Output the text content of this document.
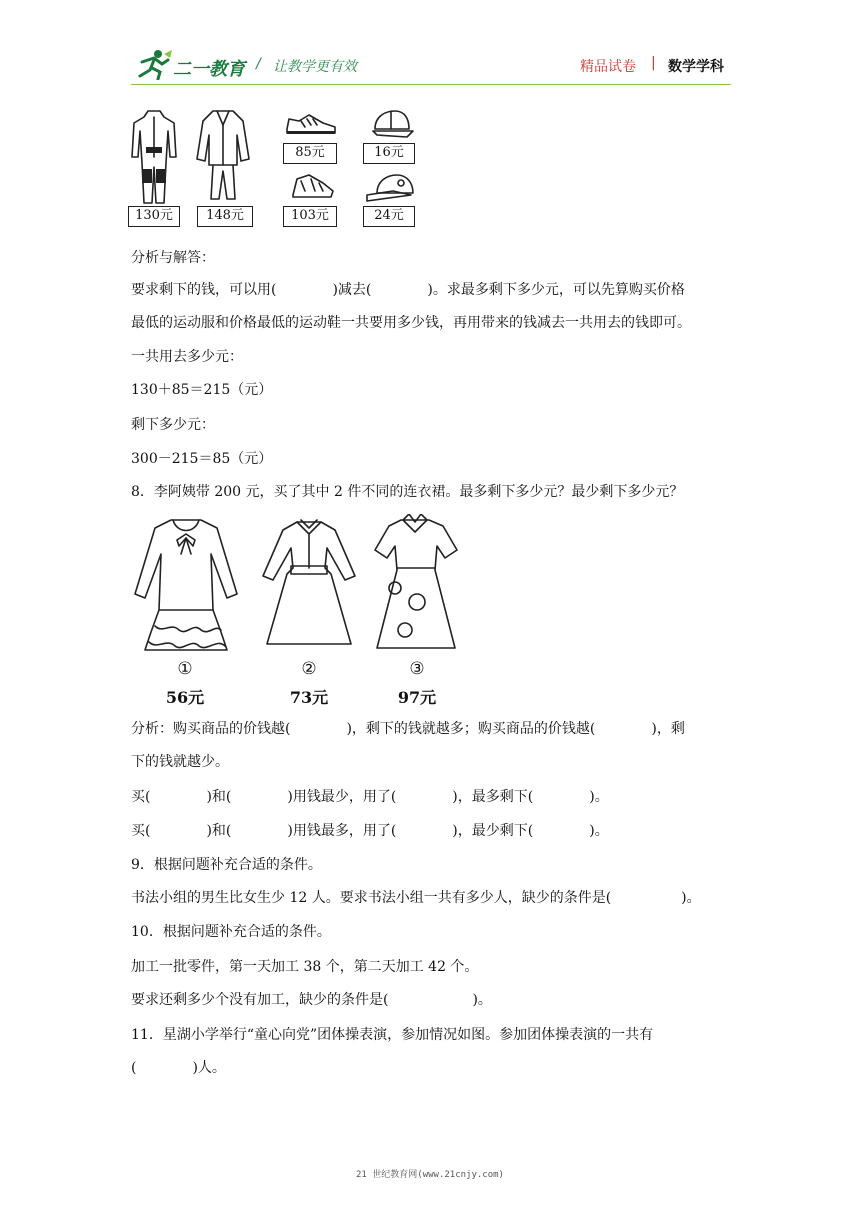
二一教育 / 让教学更有效	精品试卷 | 数学学科
130元	148元
85元
103元
16元
24元
分析与解答：
要求剩下的钱，可以用(　　　　)减去(　　　　)。求最多剩下多少元，可以先算购买价格
最低的运动服和价格最低的运动鞋一共要用多少钱，再用带来的钱减去一共用去的钱即可。
一共用去多少元：
130＋85＝215（元）
剩下多少元：
300－215＝85（元）
8．李阿姨带 200 元，买了其中 2 件不同的连衣裙。最多剩下多少元？最少剩下多少元？
①	②	③
56元	73元	97元
分析：购买商品的价钱越(　　　　)，剩下的钱就越多；购买商品的价钱越(　　　　)，剩
下的钱就越少。
买(　　　　)和(　　　　)用钱最少，用了(　　　　)，最多剩下(　　　　)。
买(　　　　)和(　　　　)用钱最多，用了(　　　　)，最少剩下(　　　　)。
9．根据问题补充合适的条件。
书法小组的男生比女生少 12 人。要求书法小组一共有多少人，缺少的条件是(　　　　　)。
10．根据问题补充合适的条件。
加工一批零件，第一天加工 38 个，第二天加工 42 个。
要求还剩多少个没有加工，缺少的条件是(　　　　　　)。
11．星湖小学举行“童心向党”团体操表演，参加情况如图。参加团体操表演的一共有
(　　　　)人。
21 世纪教育网(www.21cnjy.com)
